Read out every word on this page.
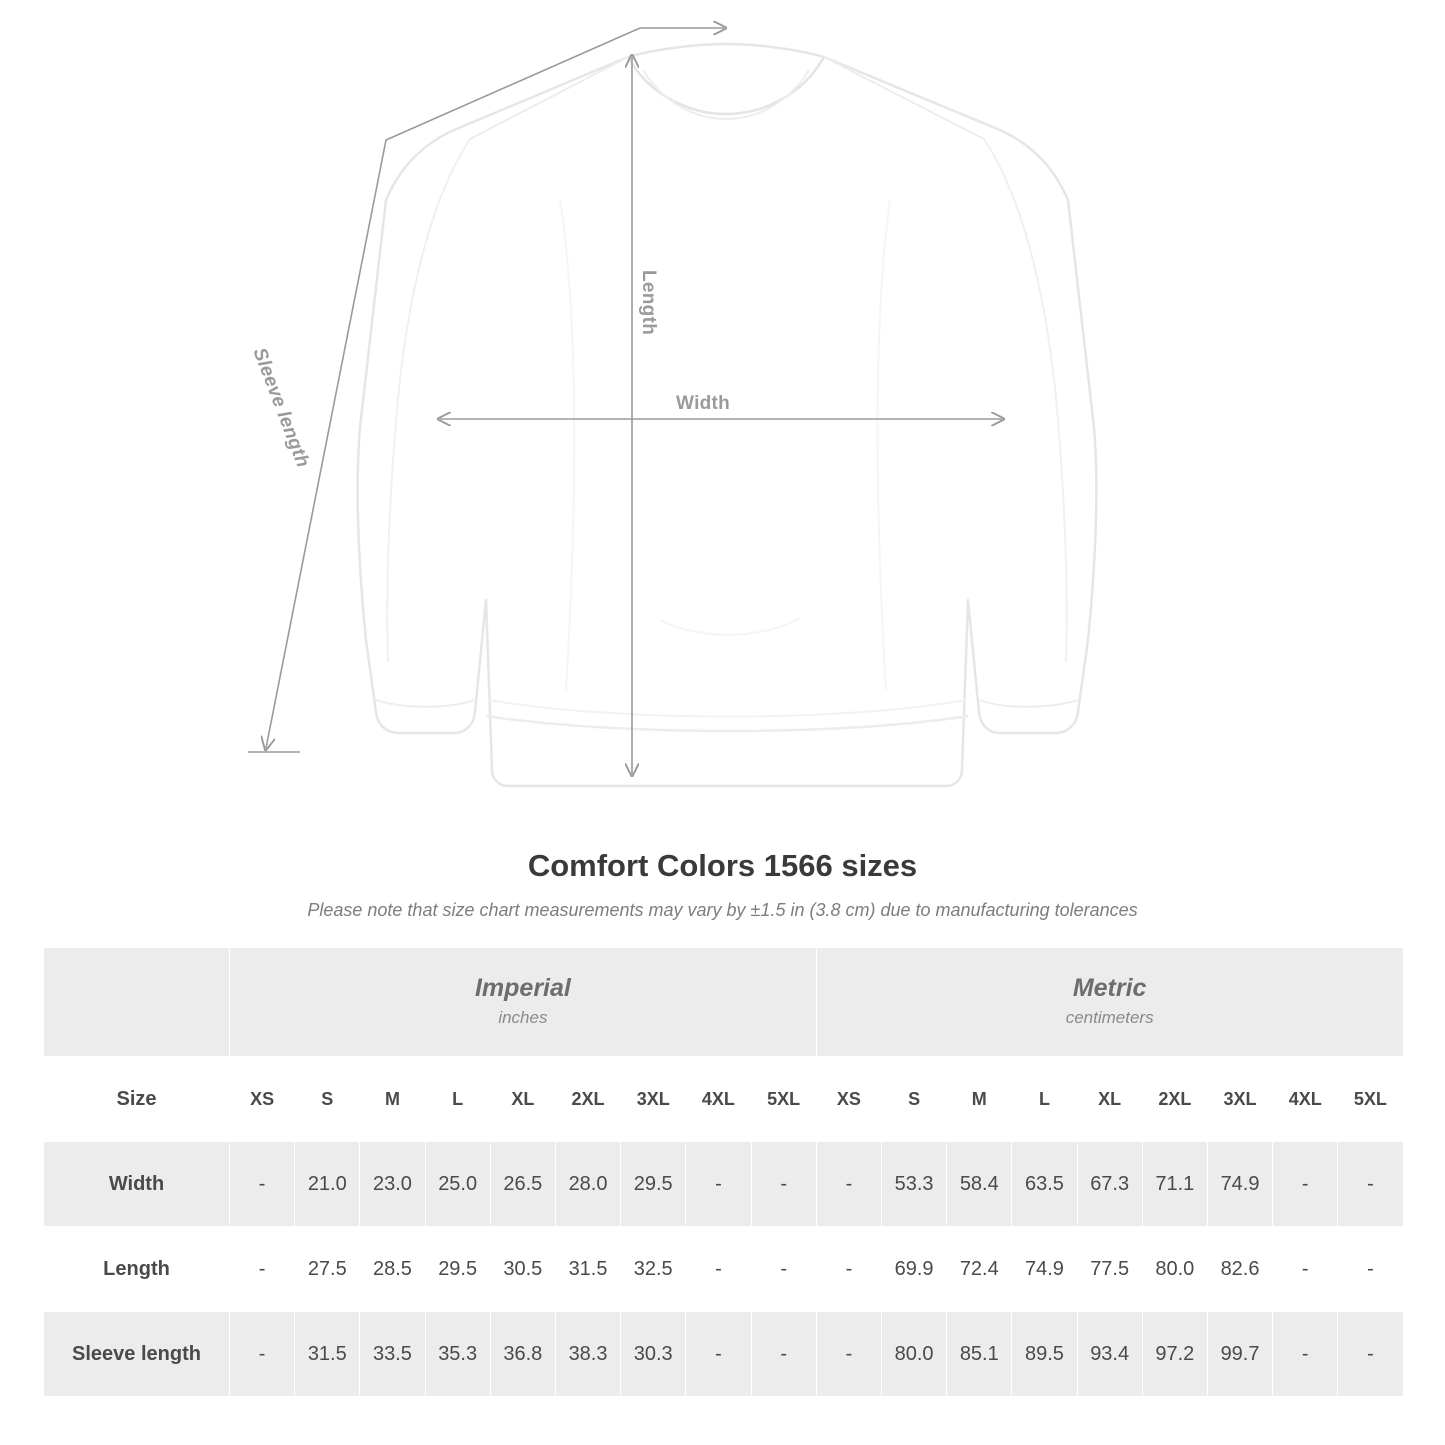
Width
Length
Sleeve length
Comfort Colors 1566 sizes

Please note that size chart measurements may vary by ±1.5 in (3.8 cm) due to manufacturing tolerances

Imperial
inches

Metric
centimeters

Size	XS	S	M	L	XL	2XL	3XL	4XL	5XL	XS	S	M	L	XL	2XL	3XL	4XL	5XL
Width	-	21.0	23.0	25.0	26.5	28.0	29.5	-	-	-	53.3	58.4	63.5	67.3	71.1	74.9	-	-
Length	-	27.5	28.5	29.5	30.5	31.5	32.5	-	-	-	69.9	72.4	74.9	77.5	80.0	82.6	-	-
Sleeve length	-	31.5	33.5	35.3	36.8	38.3	30.3	-	-	-	80.0	85.1	89.5	93.4	97.2	99.7	-	-
